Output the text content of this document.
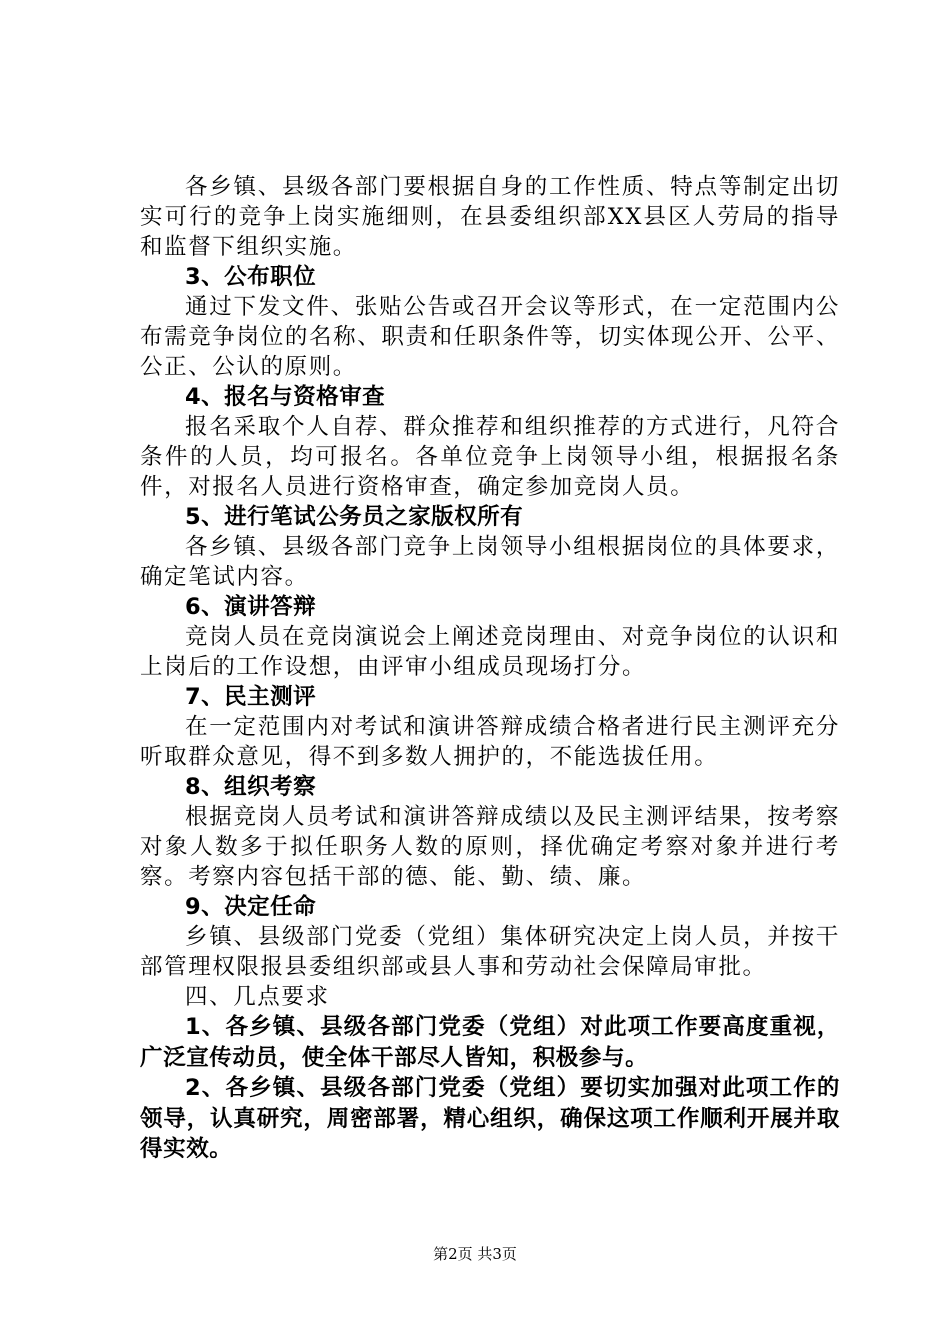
各乡镇、县级各部门要根据自身的工作性质、特点等制定出切实可行的竞争上岗实施细则，在县委组织部XX县区人劳局的指导和监督下组织实施。

3、公布职位

通过下发文件、张贴公告或召开会议等形式，在一定范围内公布需竞争岗位的名称、职责和任职条件等，切实体现公开、公平、公正、公认的原则。

4、报名与资格审查

报名采取个人自荐、群众推荐和组织推荐的方式进行，凡符合条件的人员，均可报名。各单位竞争上岗领导小组，根据报名条件，对报名人员进行资格审查，确定参加竞岗人员。

5、进行笔试公务员之家版权所有

各乡镇、县级各部门竞争上岗领导小组根据岗位的具体要求，确定笔试内容。

6、演讲答辩

竞岗人员在竞岗演说会上阐述竞岗理由、对竞争岗位的认识和上岗后的工作设想，由评审小组成员现场打分。

7、民主测评

在一定范围内对考试和演讲答辩成绩合格者进行民主测评充分听取群众意见，得不到多数人拥护的，不能选拔任用。

8、组织考察

根据竞岗人员考试和演讲答辩成绩以及民主测评结果，按考察对象人数多于拟任职务人数的原则，择优确定考察对象并进行考察。考察内容包括干部的德、能、勤、绩、廉。

9、决定任命

乡镇、县级部门党委（党组）集体研究决定上岗人员，并按干部管理权限报县委组织部或县人事和劳动社会保障局审批。

四、几点要求

1、各乡镇、县级各部门党委（党组）对此项工作要高度重视，广泛宣传动员，使全体干部尽人皆知，积极参与。

2、各乡镇、县级各部门党委（党组）要切实加强对此项工作的领导，认真研究，周密部署，精心组织，确保这项工作顺利开展并取得实效。

第2页 共3页
